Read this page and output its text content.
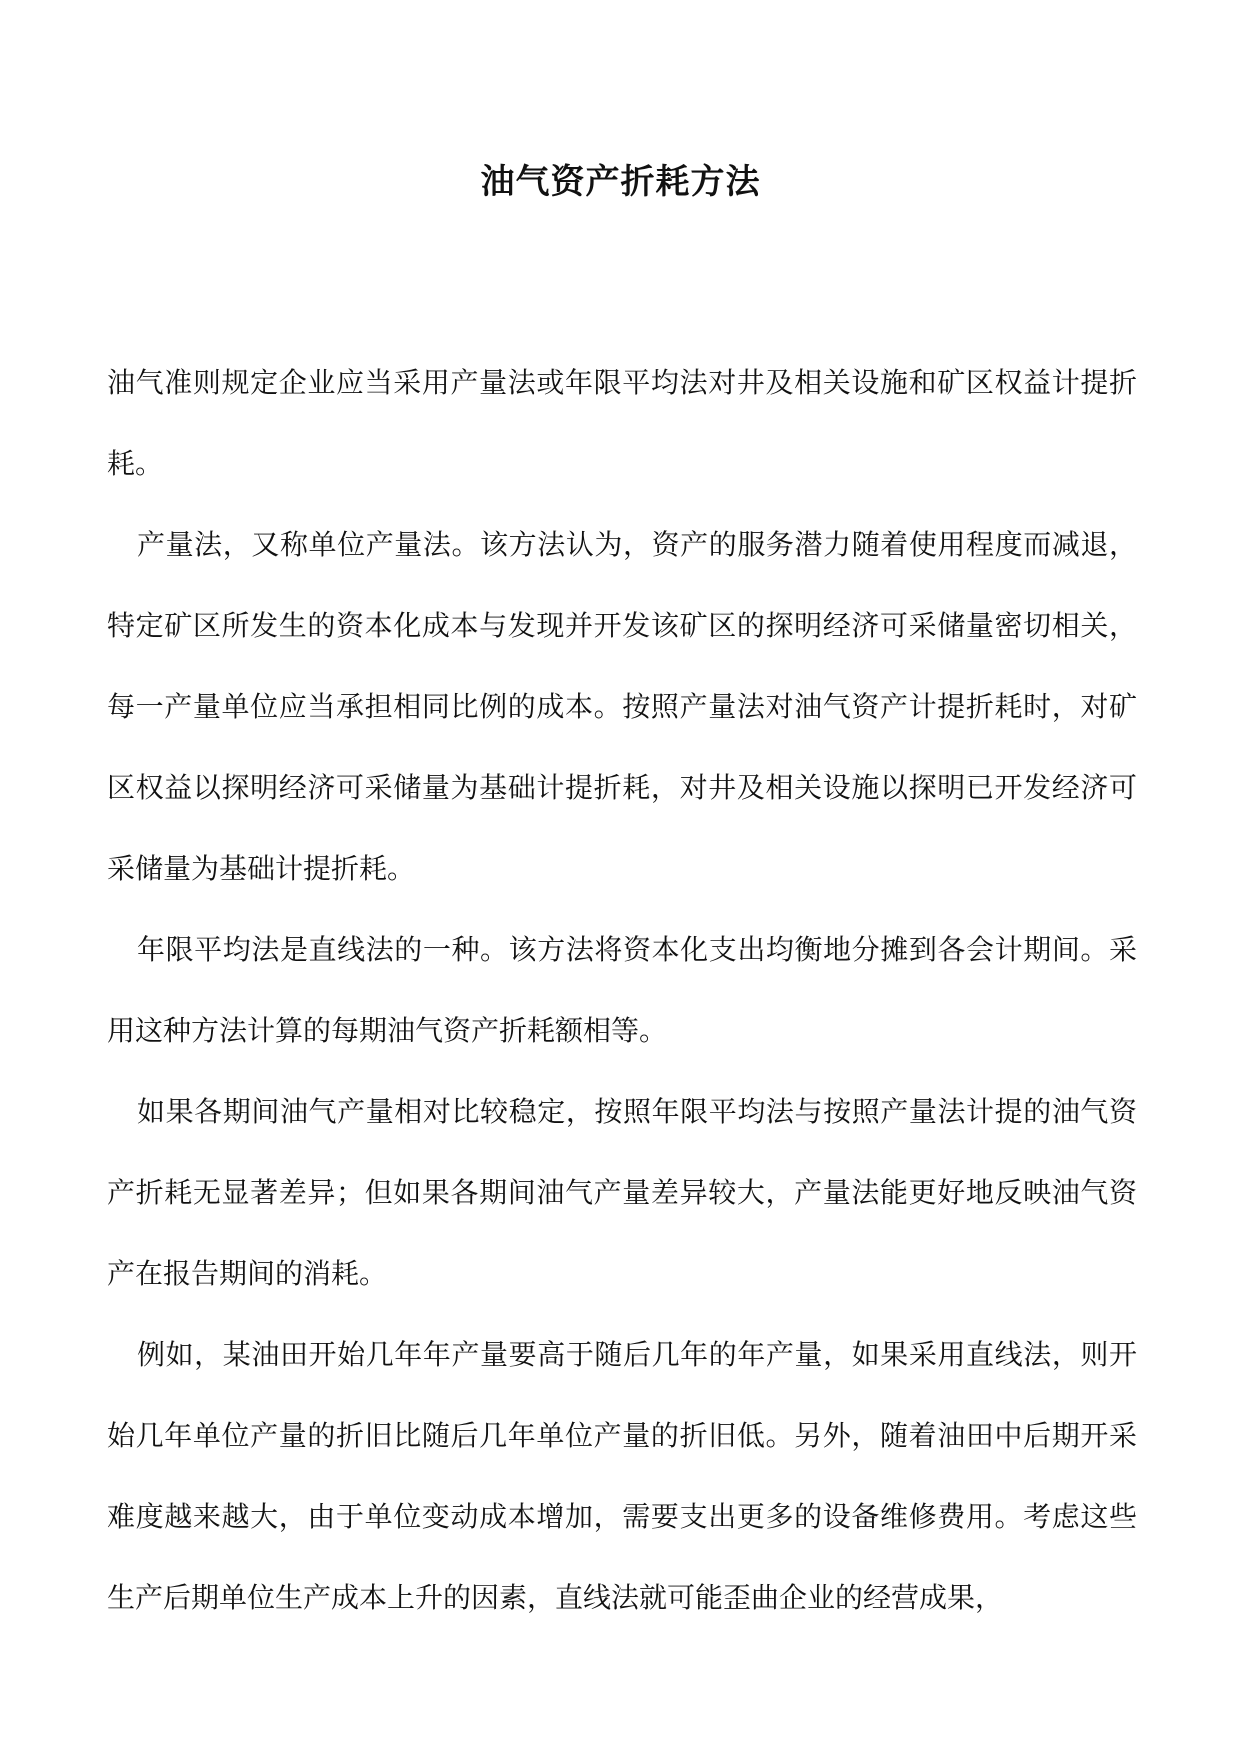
油气资产折耗方法

油气准则规定企业应当采用产量法或年限平均法对井及相关设施和矿区权益计提折耗。

产量法，又称单位产量法。该方法认为，资产的服务潜力随着使用程度而减退，特定矿区所发生的资本化成本与发现并开发该矿区的探明经济可采储量密切相关，每一产量单位应当承担相同比例的成本。按照产量法对油气资产计提折耗时，对矿区权益以探明经济可采储量为基础计提折耗，对井及相关设施以探明已开发经济可采储量为基础计提折耗。

年限平均法是直线法的一种。该方法将资本化支出均衡地分摊到各会计期间。采用这种方法计算的每期油气资产折耗额相等。

如果各期间油气产量相对比较稳定，按照年限平均法与按照产量法计提的油气资产折耗无显著差异；但如果各期间油气产量差异较大，产量法能更好地反映油气资产在报告期间的消耗。

例如，某油田开始几年年产量要高于随后几年的年产量，如果采用直线法，则开始几年单位产量的折旧比随后几年单位产量的折旧低。另外，随着油田中后期开采难度越来越大，由于单位变动成本增加，需要支出更多的设备维修费用。考虑这些生产后期单位生产成本上升的因素，直线法就可能歪曲企业的经营成果，
